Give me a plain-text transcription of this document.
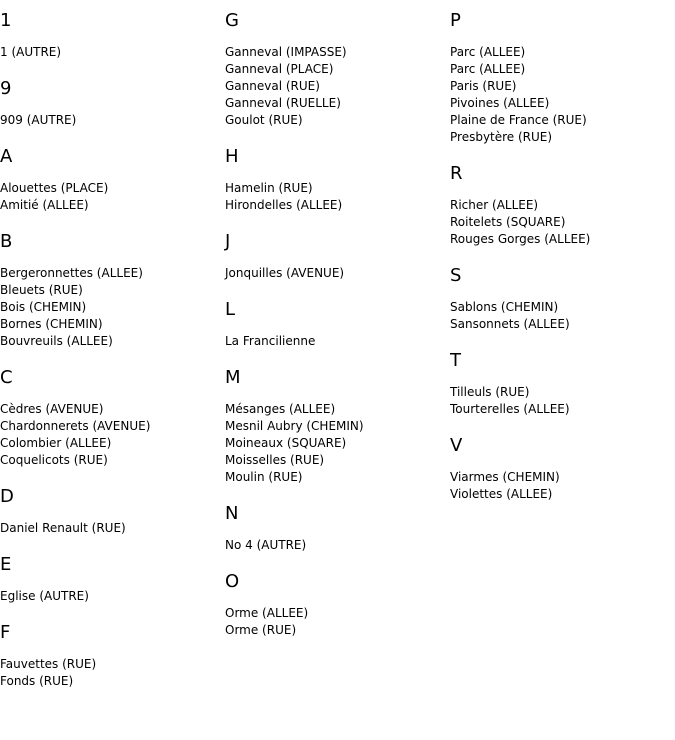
1
1 (AUTRE)
9
909 (AUTRE)
A
Alouettes (PLACE)
Amitié (ALLEE)
B
Bergeronnettes (ALLEE)
Bleuets (RUE)
Bois (CHEMIN)
Bornes (CHEMIN)
Bouvreuils (ALLEE)
C
Cèdres (AVENUE)
Chardonnerets (AVENUE)
Colombier (ALLEE)
Coquelicots (RUE)
D
Daniel Renault (RUE)
E
Eglise (AUTRE)
F
Fauvettes (RUE)
Fonds (RUE)
G
Ganneval (IMPASSE)
Ganneval (PLACE)
Ganneval (RUE)
Ganneval (RUELLE)
Goulot (RUE)
H
Hamelin (RUE)
Hirondelles (ALLEE)
J
Jonquilles (AVENUE)
L
La Francilienne
M
Mésanges (ALLEE)
Mesnil Aubry (CHEMIN)
Moineaux (SQUARE)
Moisselles (RUE)
Moulin (RUE)
N
No 4 (AUTRE)
O
Orme (ALLEE)
Orme (RUE)
P
Parc (ALLEE)
Parc (ALLEE)
Paris (RUE)
Pivoines (ALLEE)
Plaine de France (RUE)
Presbytère (RUE)
R
Richer (ALLEE)
Roitelets (SQUARE)
Rouges Gorges (ALLEE)
S
Sablons (CHEMIN)
Sansonnets (ALLEE)
T
Tilleuls (RUE)
Tourterelles (ALLEE)
V
Viarmes (CHEMIN)
Violettes (ALLEE)
